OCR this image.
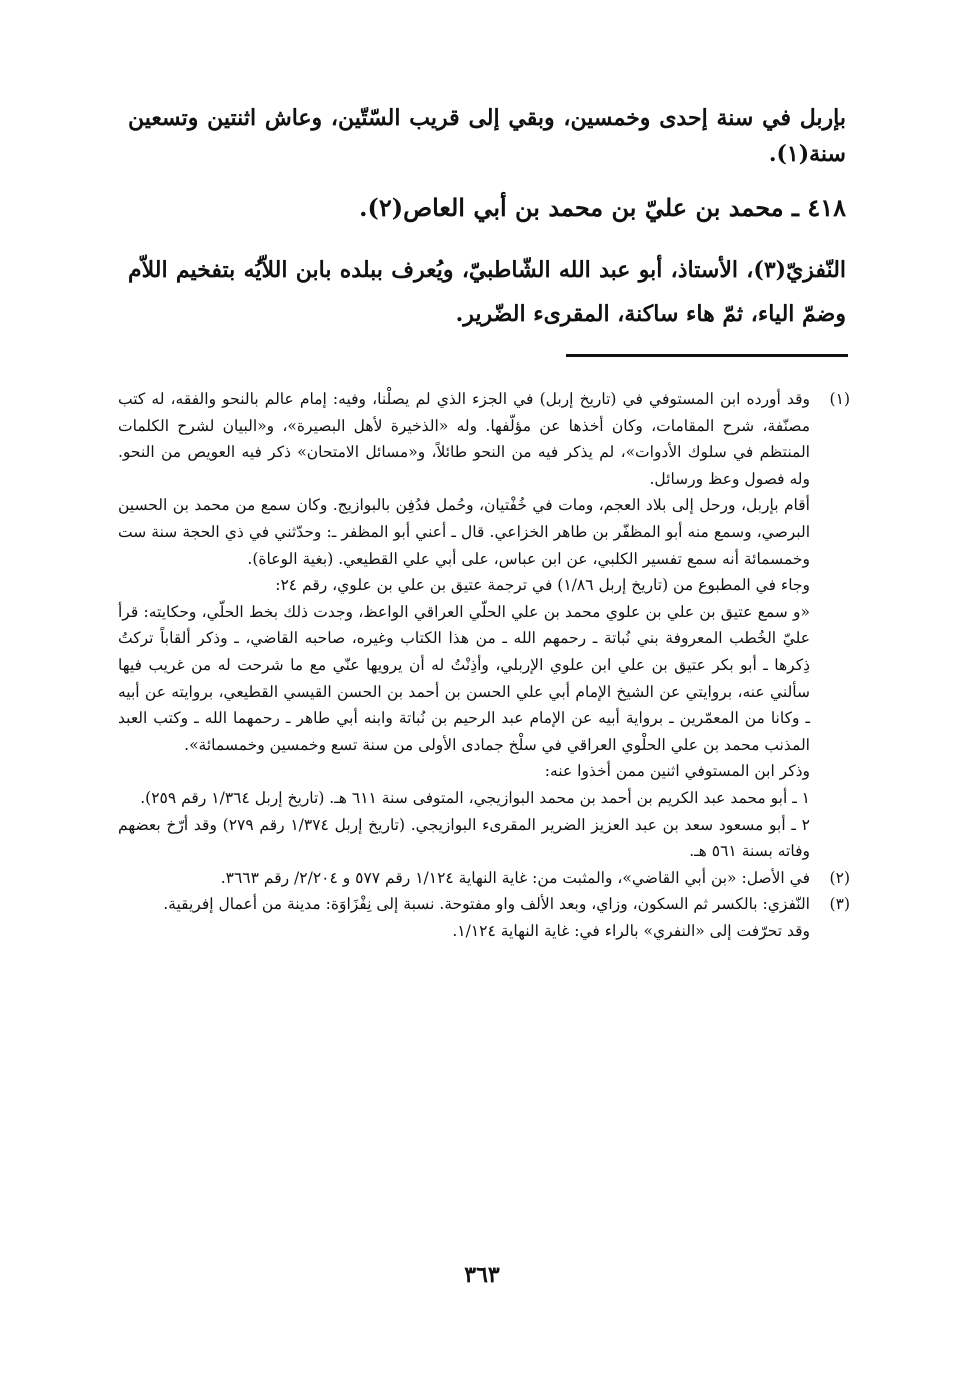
بإربل في سنة إحدى وخمسين، وبقي إلى قريب السّتّين، وعاش اثنتين وتسعين سنة(١).

٤١٨ ـ محمد بن عليّ بن محمد بن أبي العاص(٢).

النّفزيّ(٣)، الأستاذ، أبو عبد الله الشّاطبيّ، ويُعرف ببلده بابن اللاّيُه بتفخيم اللاّم وضمّ الياء، ثمّ هاء ساكنة، المقرىء الضّرير.

(١)

وقد أورده ابن المستوفي في (تاريخ إربل) في الجزء الذي لم يصلْنا، وفيه: إمام عالم بالنحو والفقه، له كتب مصنّفة، شرح المقامات، وكان أخذها عن مؤلّفها. وله «الذخيرة لأهل البصيرة»، و«البيان لشرح الكلمات المنتظم في سلوك الأدوات»، لم يذكر فيه من النحو طائلاً، و«مسائل الامتحان» ذكر فيه العويص من النحو. وله فصول وعظ ورسائل.

أقام بإربل، ورحل إلى بلاد العجم، ومات في خُفْتيان، وحُمل فدُفِن بالبوازيج. وكان سمع من محمد بن الحسين البرصي، وسمع منه أبو المظفّر بن طاهر الخزاعي. قال ـ أعني أبو المظفر ـ: وحدّثني في ذي الحجة سنة ست وخمسمائة أنه سمع تفسير الكلبي، عن ابن عباس، على أبي علي القطيعي. (بغية الوعاة).

وجاء في المطبوع من (تاريخ إربل ١/٨٦) في ترجمة عتيق بن علي بن علوي، رقم ٢٤:

«و سمع عتيق بن علي بن علوي محمد بن علي الحلّي العراقي الواعظ، وجدت ذلك بخط الحلّي، وحكايته: قرأ عليّ الخُطب المعروفة بني نُباتة ـ رحمهم الله ـ من هذا الكتاب وغيره، صاحبه القاضي، ـ وذكر ألقاباً تركتُ ذِكرها ـ أبو بكر عتيق بن علي ابن علوي الإربلي، وأذِنْتُ له أن يرويها عنّي مع ما شرحت له من غريب فيها سألني عنه، بروايتي عن الشيخ الإمام أبي علي الحسن بن أحمد بن الحسن القيسي القطيعي، بروايته عن أبيه ـ وكانا من المعمّرين ـ برواية أبيه عن الإمام عبد الرحيم بن نُباتة وابنه أبي طاهر ـ رحمهما الله ـ وكتب العبد المذنب محمد بن علي الحلْوي العراقي في سلْخ جمادى الأولى من سنة تسع وخمسين وخمسمائة».

وذكر ابن المستوفي اثنين ممن أخذوا عنه:

١ ـ أبو محمد عبد الكريم بن أحمد بن محمد البوازيجي، المتوفى سنة ٦١١ هـ. (تاريخ إربل ١/٣٦٤ رقم ٢٥٩).

٢ ـ أبو مسعود سعد بن عبد العزيز الضرير المقرىء البوازيجي. (تاريخ إربل ١/٣٧٤ رقم ٢٧٩) وقد أرّخ بعضهم وفاته بسنة ٥٦١ هـ.

(٢)

في الأصل: «بن أبي القاضي»، والمثبت من: غاية النهاية ١/١٢٤ رقم ٥٧٧ و ٢/٢٠٤/ رقم ٣٦٦٣.

(٣)

النّفزي: بالكسر ثم السكون، وزاي، وبعد الألف واو مفتوحة. نسبة إلى نِفْزَاوَة: مدينة من أعمال إفريقية.

وقد تحرّفت إلى «النفري» بالراء في: غاية النهاية ١/١٢٤.

٣٦٣
